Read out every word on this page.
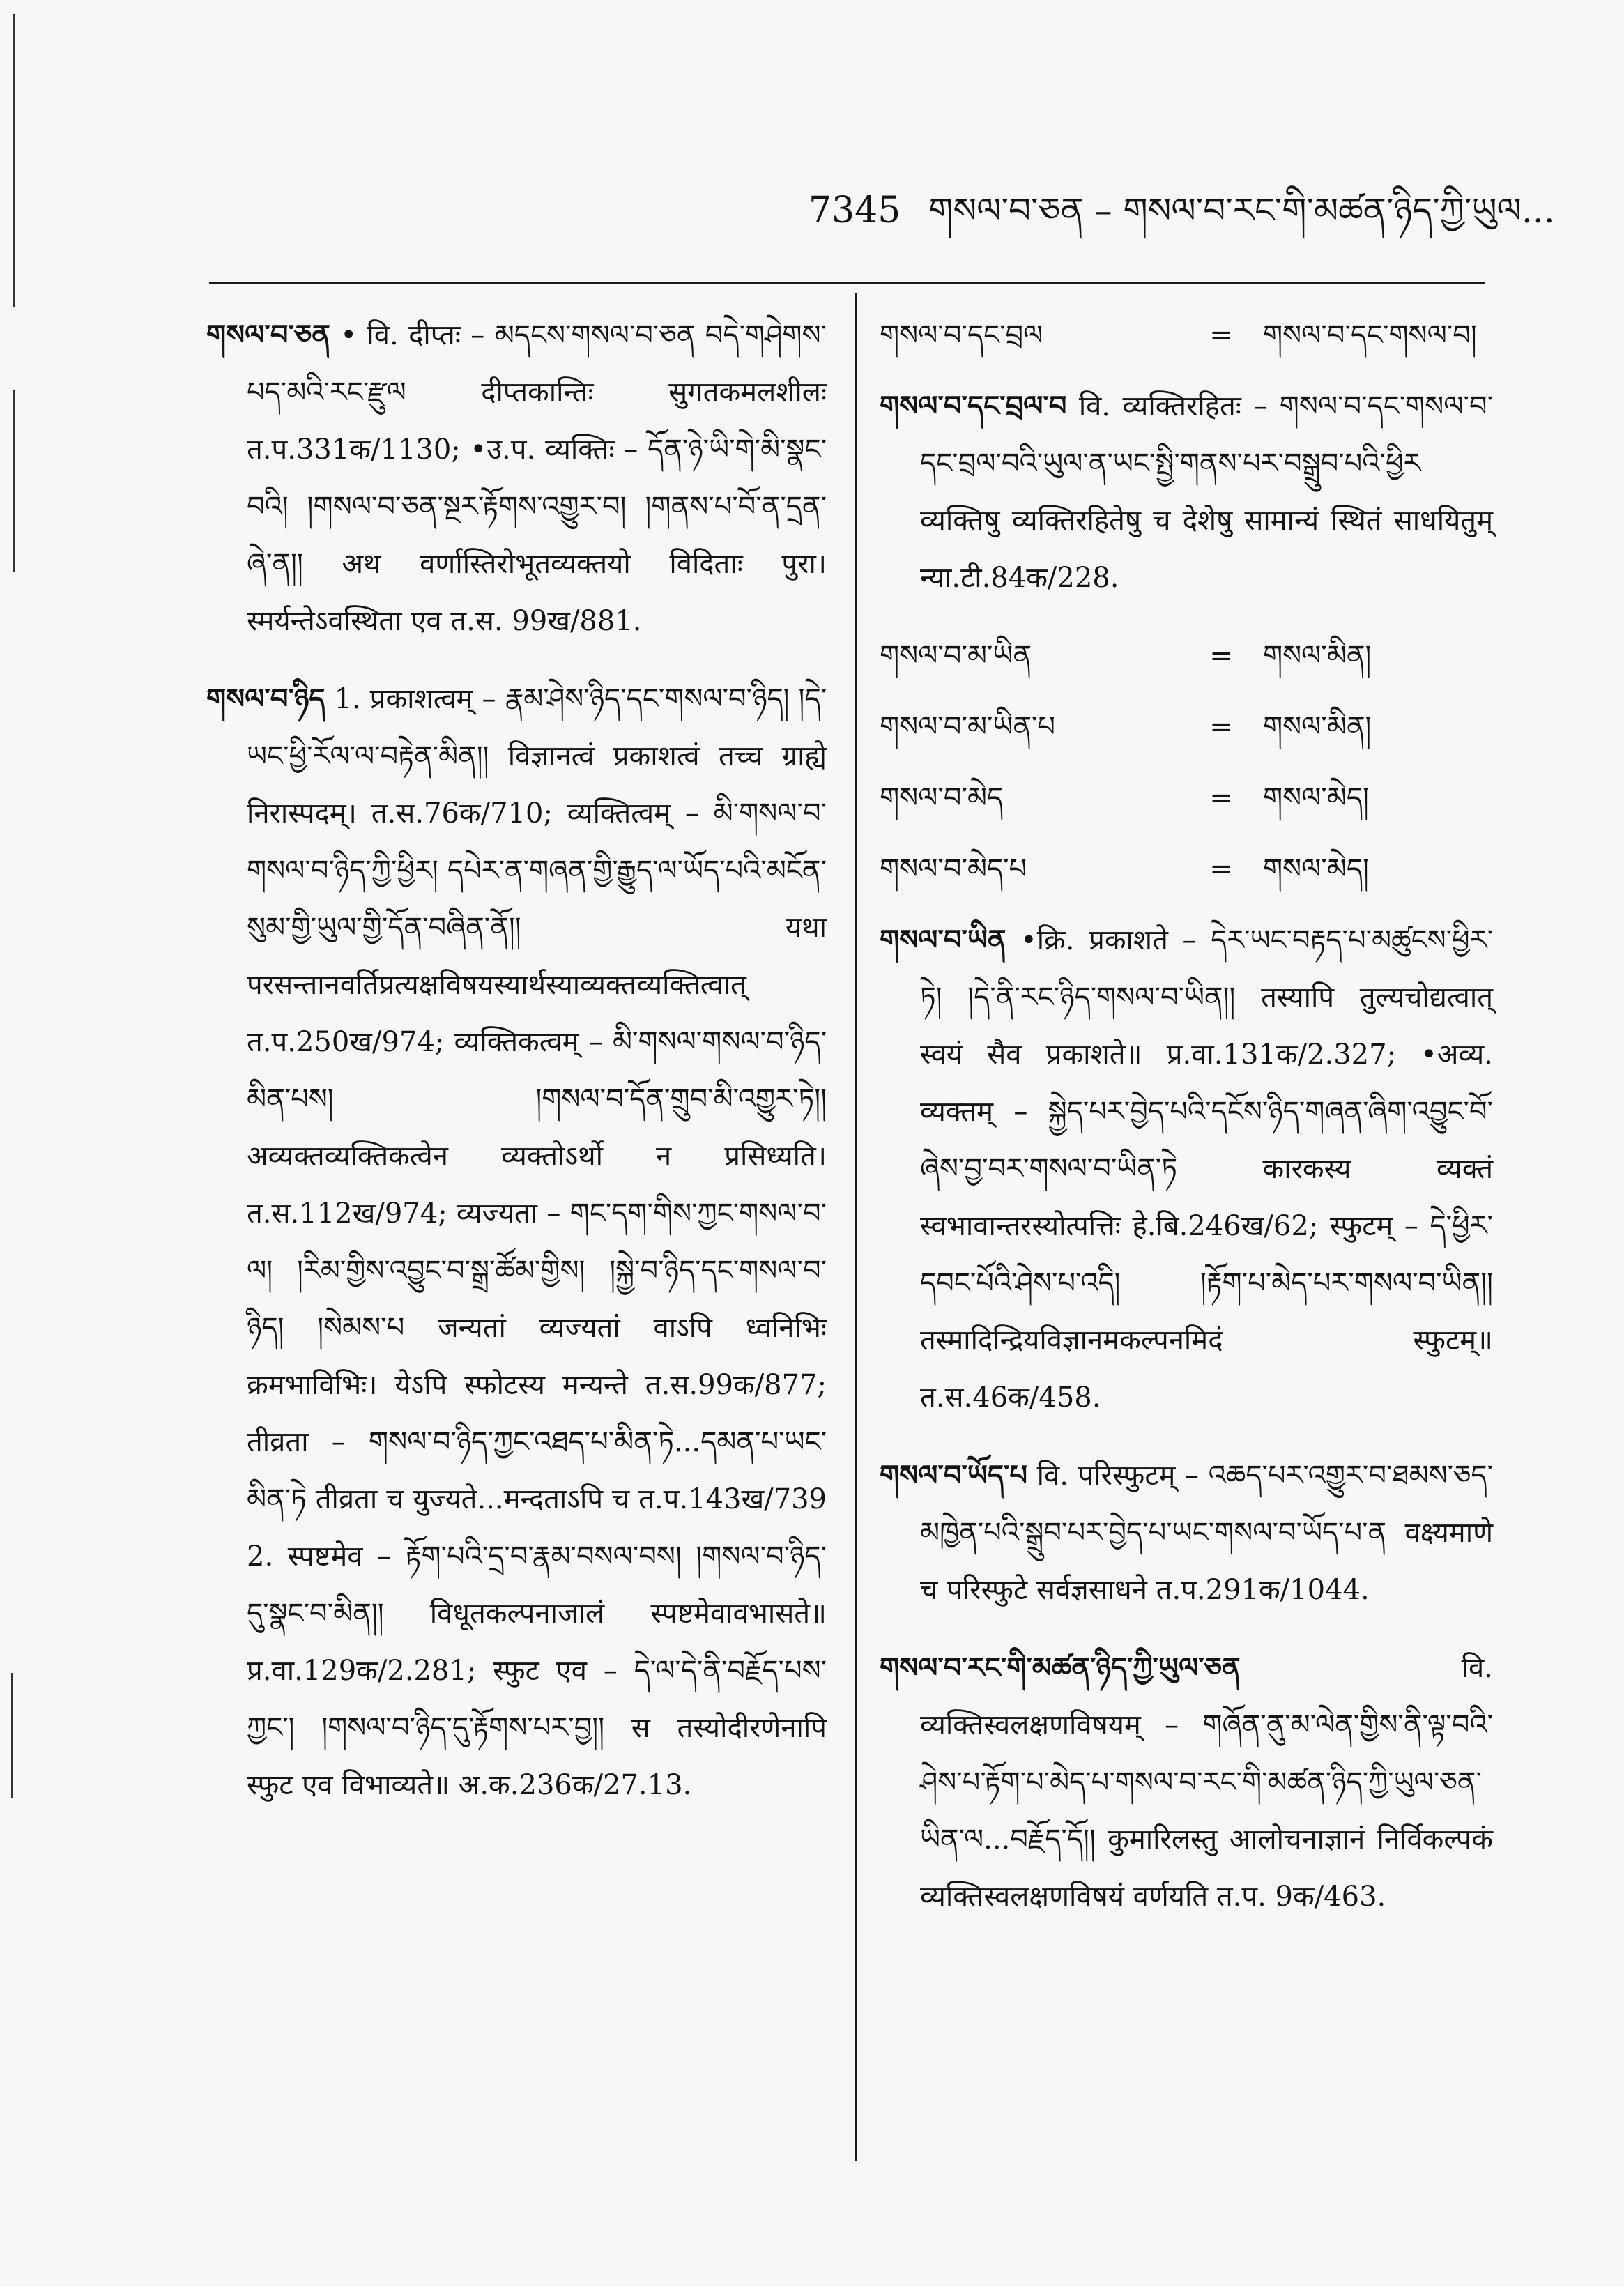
7345 གསལ་བ་ཅན – གསལ་བ་རང་གི་མཚན་ཉིད་ཀྱི་ཡུལ...
གསལ་བ་ཅན • वि. दीप्तः – མདངས་གསལ་བ་ཅན བདེ་གཤེགས་པད་མའི་རང་རྫུལ दीप्तकान्तिः सुगतकमलशीलः त.प.331क/1130; •उ.प. व्यक्तिः – དོན་ཉེ་ཡི་གེ་མི་སྣང་བའི། །གསལ་བ་ཅན་སྔར་རྟོགས་འགྱུར་བ། །གནས་པ་བོ་ན་དྲན་ཞེ་ན།། अथ वर्णास्तिरोभूतव्यक्तयो विदिताः पुरा। स्मर्यन्तेऽवस्थिता एव त.स. 99ख/881.
གསལ་བ་ཉིད 1. प्रकाशत्वम् – རྣམ་ཤེས་ཉིད་དང་གསལ་བ་ཉིད། །དེ་ཡང་ཕྱི་རོལ་ལ་བརྟེན་མིན།། विज्ञानत्वं प्रकाशत्वं तच्च ग्राह्ये निरास्पदम्। त.स.76क/710; व्यक्तित्वम् – མི་གསལ་བ་གསལ་བ་ཉིད་ཀྱི་ཕྱིར། དཔེར་ན་གཞན་གྱི་རྒྱུད་ལ་ཡོད་པའི་མངོན་སུམ་གྱི་ཡུལ་གྱི་དོན་བཞིན་ནོ།། यथा परसन्तानवर्तिप्रत्यक्षविषयस्यार्थस्याव्यक्तव्यक्तित्वात् त.प.250ख/974; व्यक्तिकत्वम् – མི་གསལ་གསལ་བ་ཉིད་མིན་པས། །གསལ་བ་དོན་གྲུབ་མི་འགྱུར་ཏེ།། अव्यक्तव्यक्तिकत्वेन व्यक्तोऽर्थो न प्रसिध्यति। त.स.112ख/974; व्यज्यता – གང་དག་གིས་ཀྱང་གསལ་བ་ལ། །རིམ་གྱིས་འབྱུང་བ་སྒྲ་ཚོམ་གྱིས། །སྐྱེ་བ་ཉིད་དང་གསལ་བ་ཉིད། །སེམས་པ जन्यतां व्यज्यतां वाऽपि ध्वनिभिः क्रमभाविभिः। येऽपि स्फोटस्य मन्यन्ते त.स.99क/877; तीव्रता – གསལ་བ་ཉིད་ཀྱང་འཐད་པ་མིན་ཏེ...དམན་པ་ཡང་མིན་ཏེ तीव्रता च युज्यते...मन्दताऽपि च त.प.143ख/739 2. स्पष्टमेव – རྟོག་པའི་དྲ་བ་རྣམ་བསལ་བས། །གསལ་བ་ཉིད་དུ་སྣང་བ་མིན།། विधूतकल्पनाजालं स्पष्टमेवावभासते॥ प्र.वा.129क/2.281; स्फुट एव – དེ་ལ་དེ་ནི་བརྗོད་པས་ཀྱང་། །གསལ་བ་ཉིད་དུ་རྟོགས་པར་བྱ།། स तस्योदीरणेनापि स्फुट एव विभाव्यते॥ अ.क.236क/27.13.
གསལ་བ་དང་བྲལ	=	གསལ་བ་དང་གསལ་བ།
གསལ་བ་དང་བྲལ་བ वि. व्यक्तिरहितः – གསལ་བ་དང་གསལ་བ་དང་བྲལ་བའི་ཡུལ་ན་ཡང་སྤྱི་གནས་པར་བསྒྲུབ་པའི་ཕྱིར व्यक्तिषु व्यक्तिरहितेषु च देशेषु सामान्यं स्थितं साधयितुम् न्या.टी.84क/228.
གསལ་བ་མ་ཡིན	=	གསལ་མིན།
གསལ་བ་མ་ཡིན་པ	=	གསལ་མིན།
གསལ་བ་མེད	=	གསལ་མེད།
གསལ་བ་མེད་པ	=	གསལ་མེད།
གསལ་བ་ཡིན •क्रि. प्रकाशते – དེར་ཡང་བརྟད་པ་མཚུངས་ཕྱིར་ཏེ། །དེ་ནི་རང་ཉིད་གསལ་བ་ཡིན།། तस्यापि तुल्यचोद्यत्वात् स्वयं सैव प्रकाशते॥ प्र.वा.131क/2.327; •अव्य. व्यक्तम् – སྐྱེད་པར་བྱེད་པའི་དངོས་ཉིད་གཞན་ཞིག་འབྱུང་བོ་ཞེས་བྱ་བར་གསལ་བ་ཡིན་ཏེ कारकस्य व्यक्तं स्वभावान्तरस्योत्पत्तिः हे.बि.246ख/62; स्फुटम् – དེ་ཕྱིར་དབང་པོའི་ཤེས་པ་འདི། །རྟོག་པ་མེད་པར་གསལ་བ་ཡིན།། तस्मादिन्द्रियविज्ञानमकल्पनमिदं स्फुटम्॥ त.स.46क/458.
གསལ་བ་ཡོད་པ वि. परिस्फुटम् – འཆད་པར་འགྱུར་བ་ཐམས་ཅད་མཁྱེན་པའི་སྒྲུབ་པར་བྱེད་པ་ཡང་གསལ་བ་ཡོད་པ་ན वक्ष्यमाणे च परिस्फुटे सर्वज्ञसाधने त.प.291क/1044.
གསལ་བ་རང་གི་མཚན་ཉིད་ཀྱི་ཡུལ་ཅན	वि. व्यक्तिस्वलक्षणविषयम् – གཞོན་ནུ་མ་ལེན་གྱིས་ནི་ལྟ་བའི་ཤེས་པ་རྟོག་པ་མེད་པ་གསལ་བ་རང་གི་མཚན་ཉིད་ཀྱི་ཡུལ་ཅན་ཡིན་ལ...བརྗོད་དོ།། कुमारिलस्तु आलोचनाज्ञानं निर्विकल्पकं व्यक्तिस्वलक्षणविषयं वर्णयति त.प. 9क/463.
